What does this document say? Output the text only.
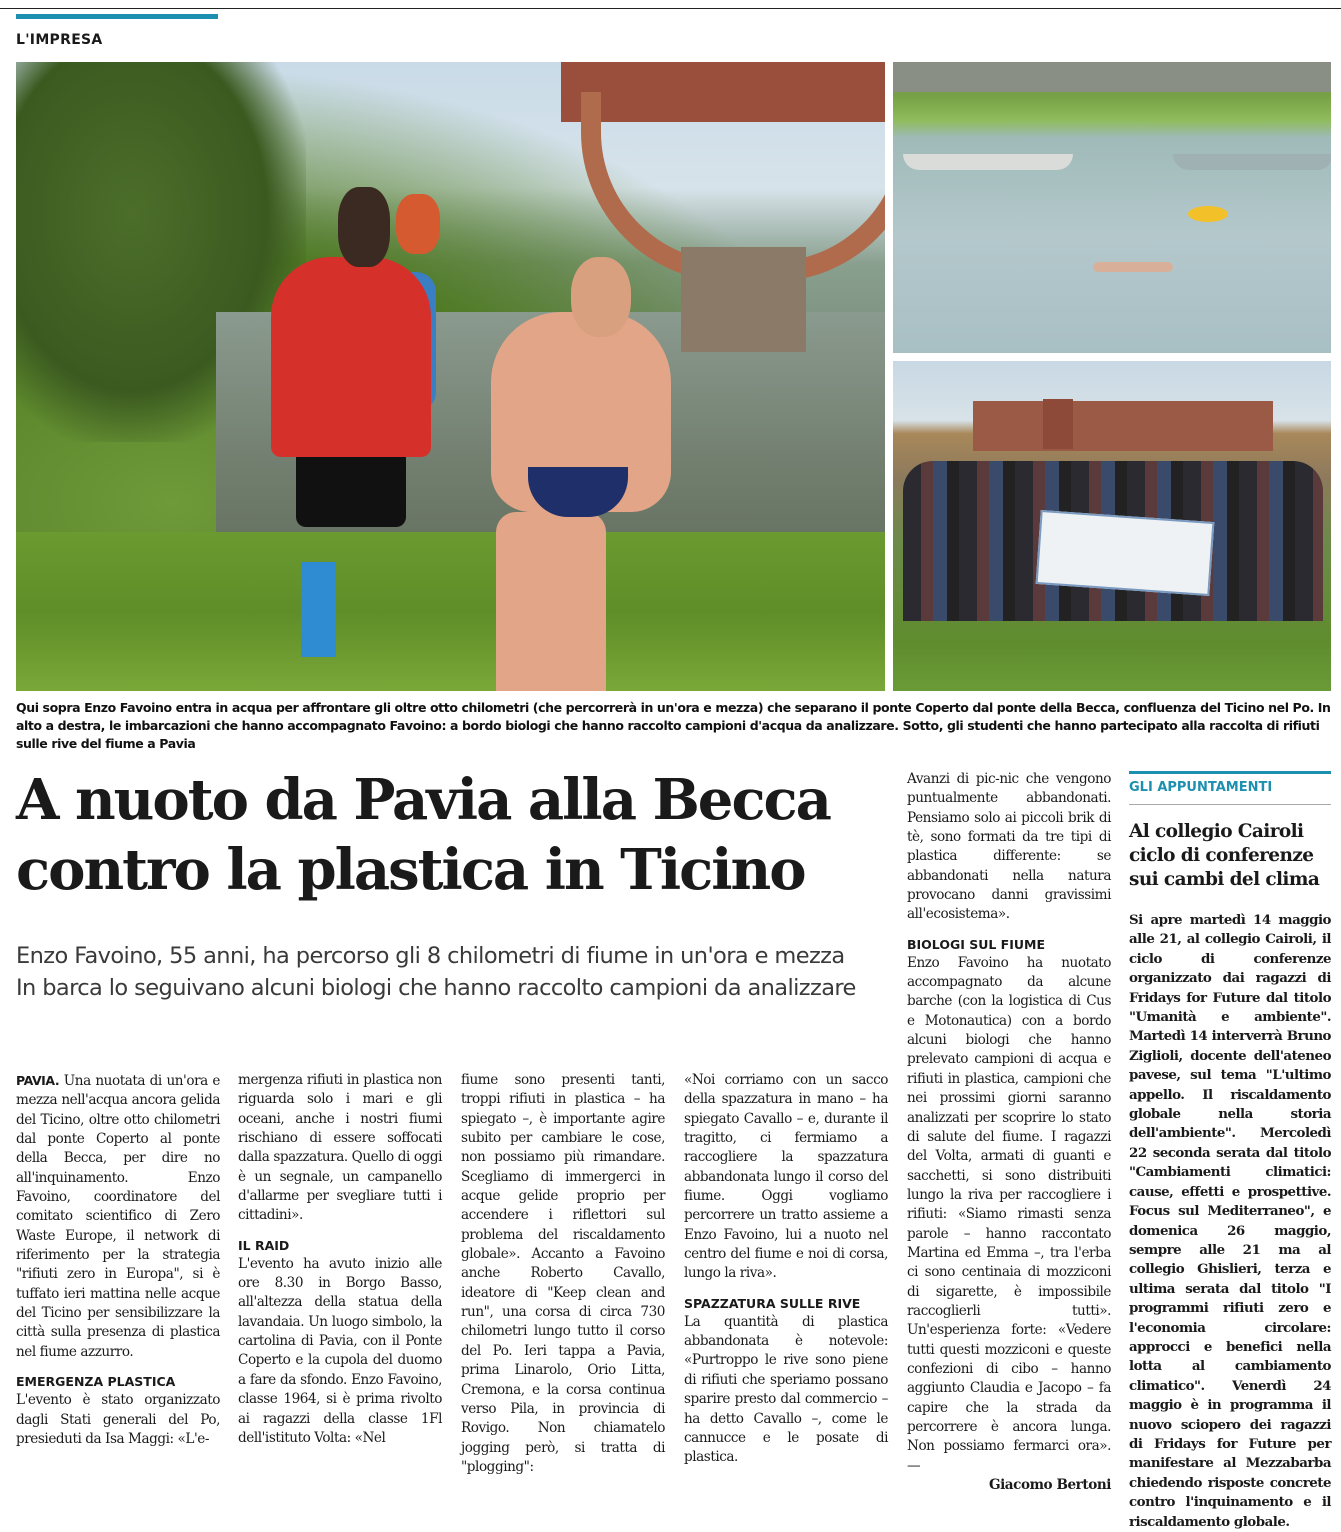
L'IMPRESA
Qui sopra Enzo Favoino entra in acqua per affrontare gli oltre otto chilometri (che percorrerà in un'ora e mezza) che separano il ponte Coperto dal ponte della Becca, confluenza del Ticino nel Po. In alto a destra, le imbarcazioni che hanno accompagnato Favoino: a bordo biologi che hanno raccolto campioni d'acqua da analizzare. Sotto, gli studenti che hanno partecipato alla raccolta di rifiuti sulle rive del fiume a Pavia
A nuoto da Pavia alla Becca contro la plastica in Ticino
Enzo Favoino, 55 anni, ha percorso gli 8 chilometri di fiume in un'ora e mezza
In barca lo seguivano alcuni biologi che hanno raccolto campioni da analizzare

PAVIA. Una nuotata di un'ora e mezza nell'acqua ancora gelida del Ticino, oltre otto chilometri dal ponte Coperto al ponte della Becca, per dire no all'inquinamento. Enzo Favoino, coordinatore del comitato scientifico di Zero Waste Europe, il network di riferimento per la strategia "rifiuti zero in Europa", si è tuffato ieri mattina nelle acque del Ticino per sensibilizzare la città sulla presenza di plastica nel fiume azzurro.

EMERGENZA PLASTICA

L'evento è stato organizzato dagli Stati generali del Po, presieduti da Isa Maggi: «L'e-

mergenza rifiuti in plastica non riguarda solo i mari e gli oceani, anche i nostri fiumi rischiano di essere soffocati dalla spazzatura. Quello di oggi è un segnale, un campanello d'allarme per svegliare tutti i cittadini».

IL RAID

L'evento ha avuto inizio alle ore 8.30 in Borgo Basso, all'altezza della statua della lavandaia. Un luogo simbolo, la cartolina di Pavia, con il Ponte Coperto e la cupola del duomo a fare da sfondo. Enzo Favoino, classe 1964, si è prima rivolto ai ragazzi della classe 1Fl dell'istituto Volta: «Nel

fiume sono presenti tanti, troppi rifiuti in plastica – ha spiegato –, è importante agire subito per cambiare le cose, non possiamo più rimandare. Scegliamo di immergerci in acque gelide proprio per accendere i riflettori sul problema del riscaldamento globale». Accanto a Favoino anche Roberto Cavallo, ideatore di "Keep clean and run", una corsa di circa 730 chilometri lungo tutto il corso del Po. Ieri tappa a Pavia, prima Linarolo, Orio Litta, Cremona, e la corsa continua verso Pila, in provincia di Rovigo. Non chiamatelo jogging però, si tratta di "plogging":

«Noi corriamo con un sacco della spazzatura in mano – ha spiegato Cavallo – e, durante il tragitto, ci fermiamo a raccogliere la spazzatura abbandonata lungo il corso del fiume. Oggi vogliamo percorrere un tratto assieme a Enzo Favoino, lui a nuoto nel centro del fiume e noi di corsa, lungo la riva».

SPAZZATURA SULLE RIVE

La quantità di plastica abbandonata è notevole: «Purtroppo le rive sono piene di rifiuti che speriamo possano sparire presto dal commercio – ha detto Cavallo –, come le cannucce e le posate di plastica.

Avanzi di pic-nic che vengono puntualmente abbandonati. Pensiamo solo ai piccoli brik di tè, sono formati da tre tipi di plastica differente: se abbandonati nella natura provocano danni gravissimi all'ecosistema».

BIOLOGI SUL FIUME

Enzo Favoino ha nuotato accompagnato da alcune barche (con la logistica di Cus e Motonautica) con a bordo alcuni biologi che hanno prelevato campioni di acqua e rifiuti in plastica, campioni che nei prossimi giorni saranno analizzati per scoprire lo stato di salute del fiume. I ragazzi del Volta, armati di guanti e sacchetti, si sono distribuiti lungo la riva per raccogliere i rifiuti: «Siamo rimasti senza parole – hanno raccontato Martina ed Emma –, tra l'erba ci sono centinaia di mozziconi di sigarette, è impossibile raccoglierli tutti». Un'esperienza forte: «Vedere tutti questi mozziconi e queste confezioni di cibo – hanno aggiunto Claudia e Jacopo – fa capire che la strada da percorrere è ancora lunga. Non possiamo fermarci ora». —

Giacomo Bertoni

GLI APPUNTAMENTI
Al collegio Cairoli ciclo di conferenze sui cambi del clima

Si apre martedì 14 maggio alle 21, al collegio Cairoli, il ciclo di conferenze organizzato dai ragazzi di Fridays for Future dal titolo "Umanità e ambiente". Martedì 14 interverrà Bruno Ziglioli, docente dell'ateneo pavese, sul tema "L'ultimo appello. Il riscaldamento globale nella storia dell'ambiente". Mercoledì 22 seconda serata dal titolo "Cambiamenti climatici: cause, effetti e prospettive. Focus sul Mediterraneo", e domenica 26 maggio, sempre alle 21 ma al collegio Ghislieri, terza e ultima serata dal titolo "I programmi rifiuti zero e l'economia circolare: approcci e benefici nella lotta al cambiamento climatico". Venerdì 24 maggio è in programma il nuovo sciopero dei ragazzi di Fridays for Future per manifestare al Mezzabarba chiedendo risposte concrete contro l'inquinamento e il riscaldamento globale.
